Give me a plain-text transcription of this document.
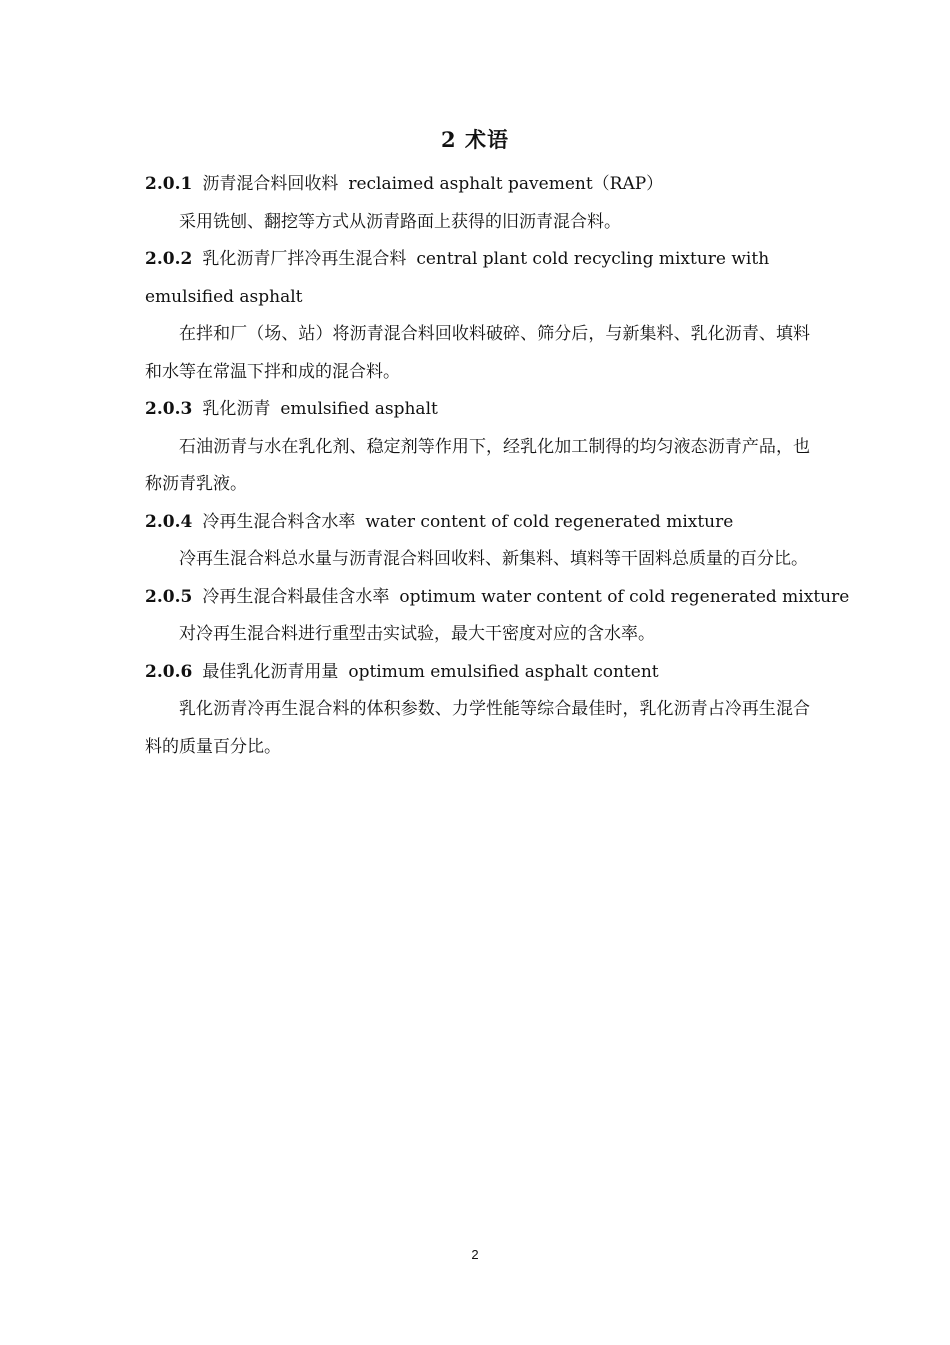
2 术语

2.0.1 沥青混合料回收料 reclaimed asphalt pavement（RAP）

采用铣刨、翻挖等方式从沥青路面上获得的旧沥青混合料。

2.0.2 乳化沥青厂拌冷再生混合料 central plant cold recycling mixture with emulsified asphalt

在拌和厂（场、站）将沥青混合料回收料破碎、筛分后，与新集料、乳化沥青、填料和水等在常温下拌和成的混合料。

2.0.3 乳化沥青 emulsified asphalt

石油沥青与水在乳化剂、稳定剂等作用下，经乳化加工制得的均匀液态沥青产品，也称沥青乳液。

2.0.4 冷再生混合料含水率 water content of cold regenerated mixture

冷再生混合料总水量与沥青混合料回收料、新集料、填料等干固料总质量的百分比。

2.0.5 冷再生混合料最佳含水率 optimum water content of cold regenerated mixture

对冷再生混合料进行重型击实试验，最大干密度对应的含水率。

2.0.6 最佳乳化沥青用量 optimum emulsified asphalt content

乳化沥青冷再生混合料的体积参数、力学性能等综合最佳时，乳化沥青占冷再生混合料的质量百分比。

2
